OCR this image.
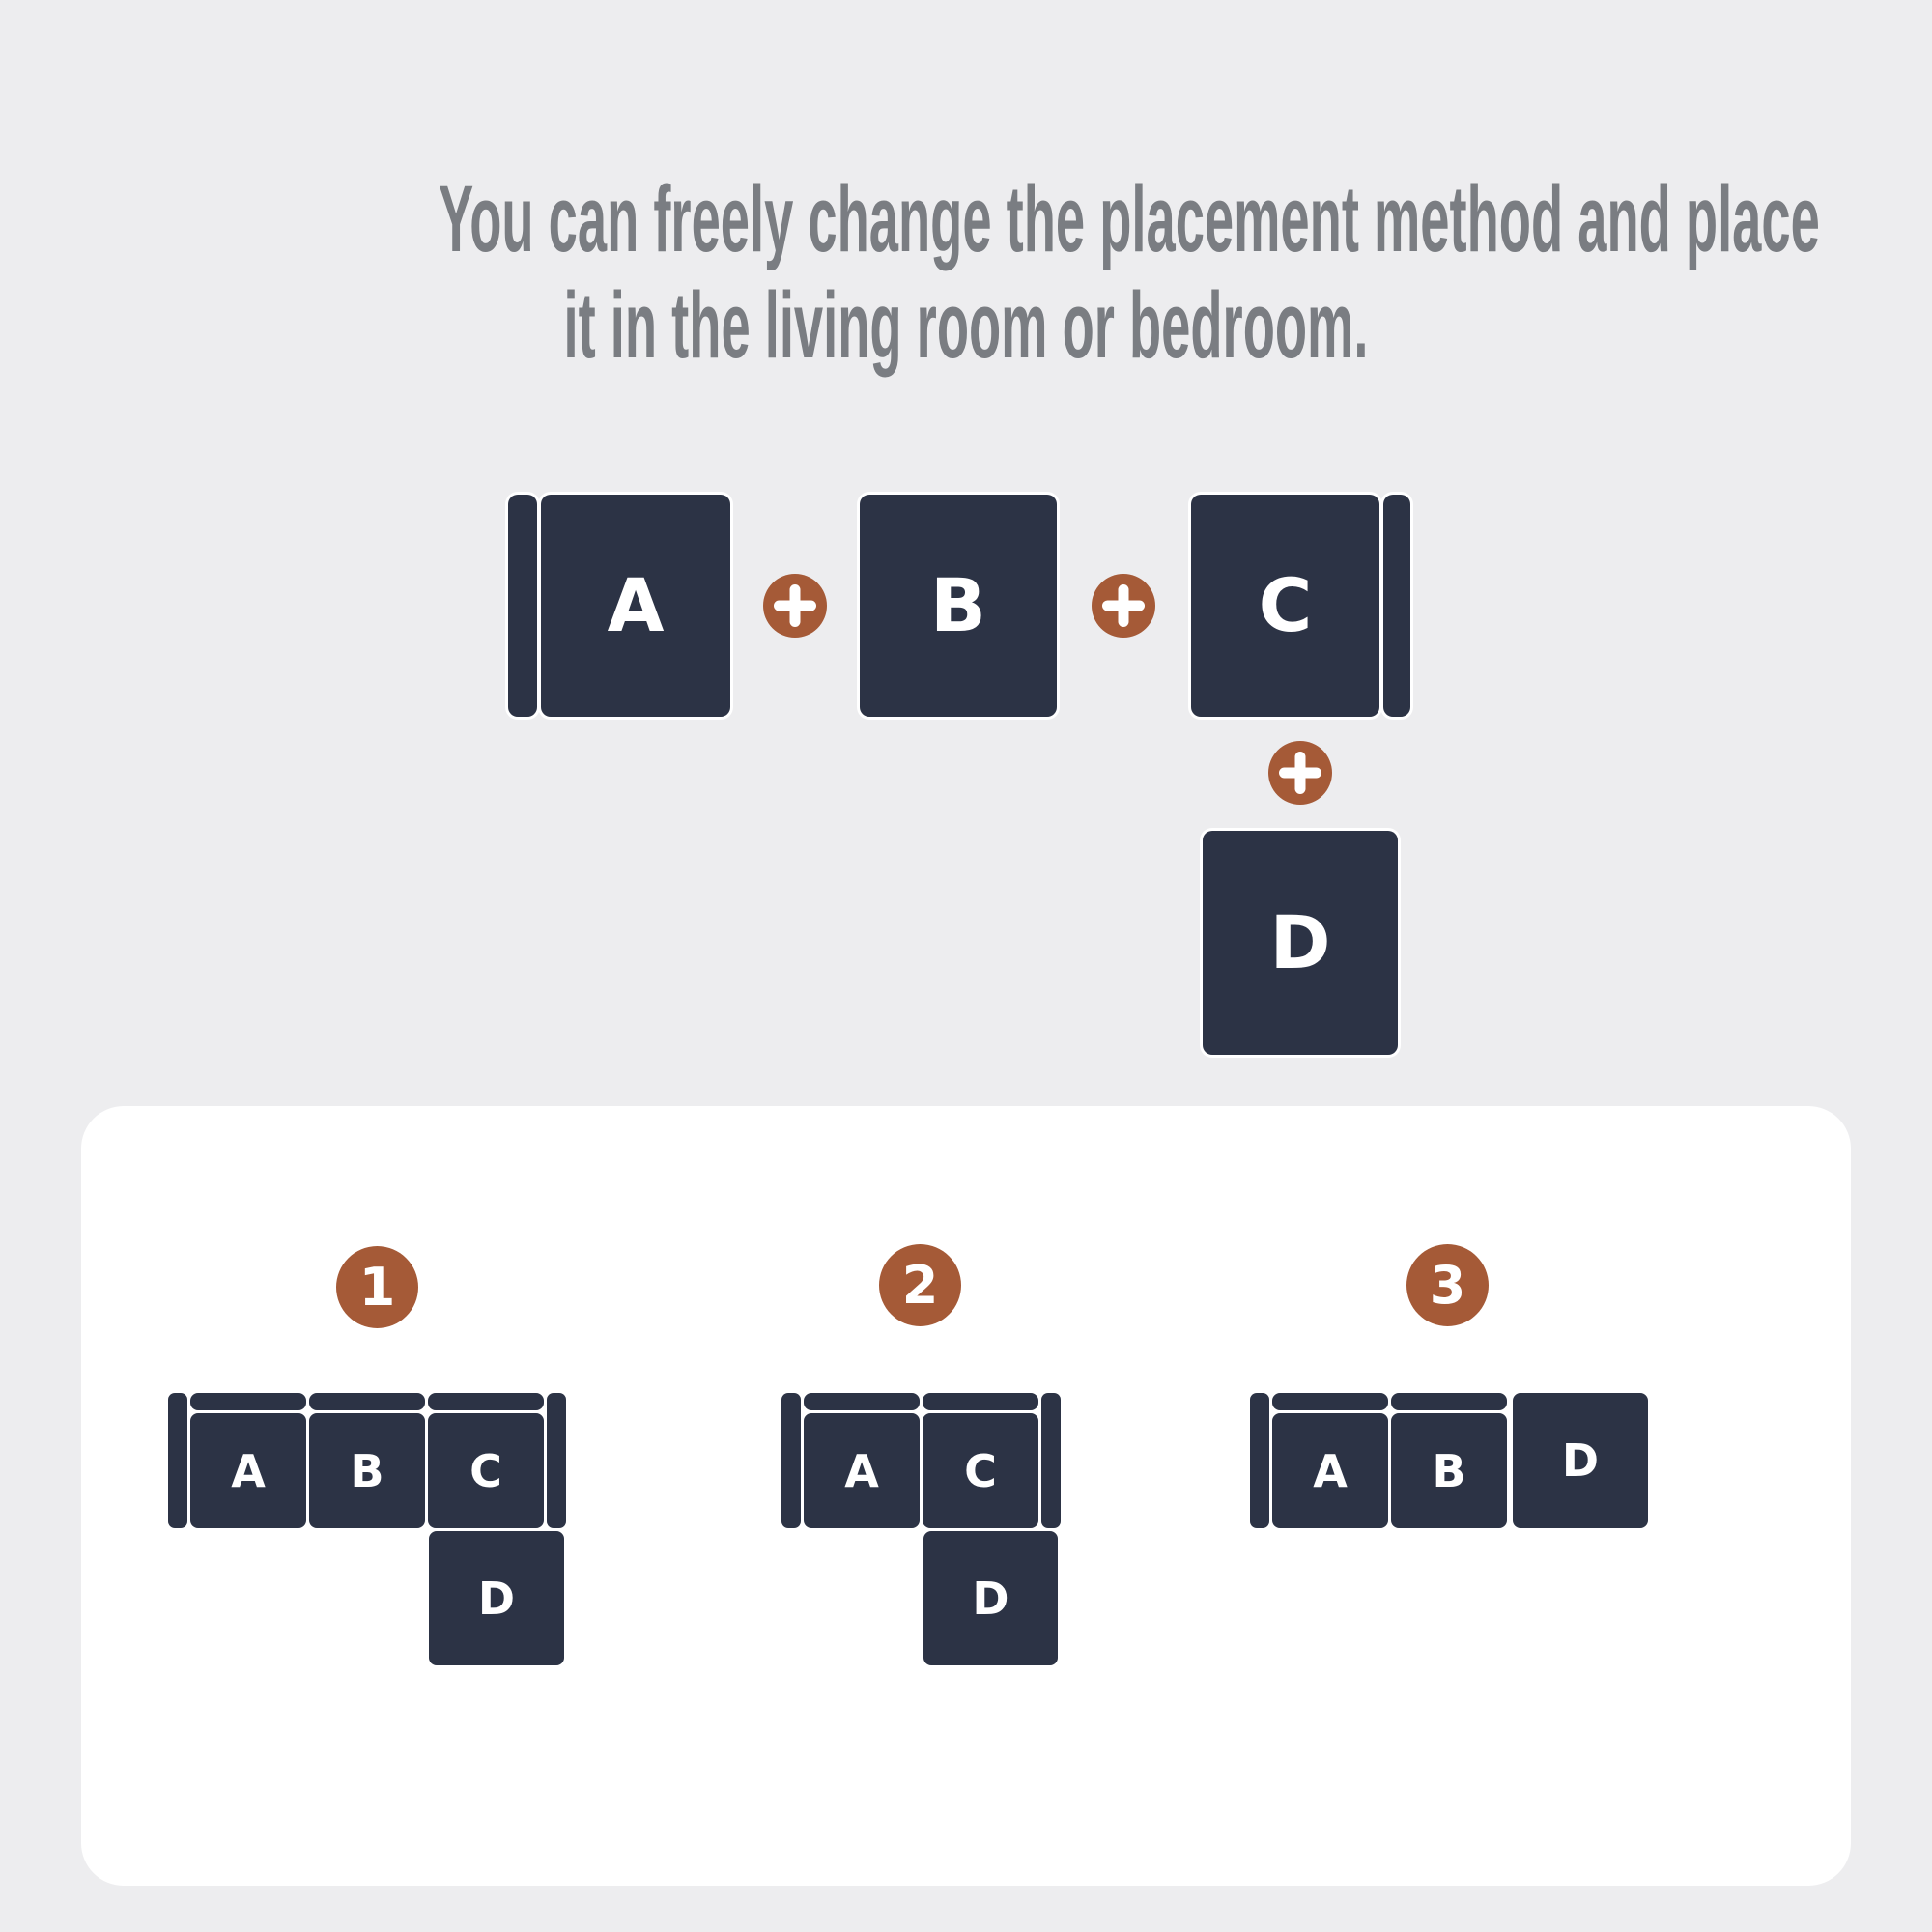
You can freely change the placement method and place
it in the living room or bedroom.
A	B	C
D
1
A B C
D
2
A C
D
3
A B D
